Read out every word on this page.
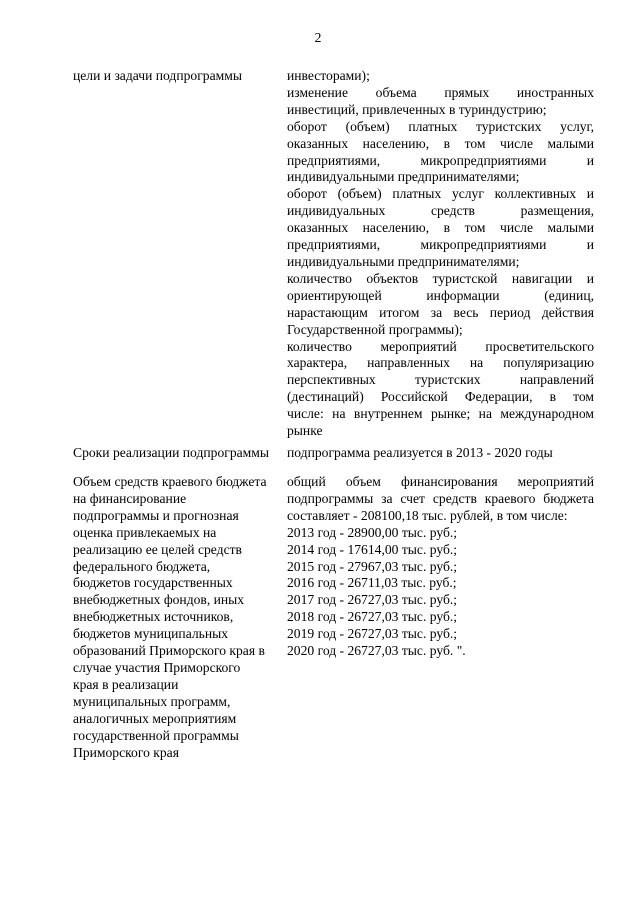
2
цели и задачи подпрограммы	инвесторами);
изменение объема прямых иностранных
инвестиций, привлеченных в туриндустрию;
оборот (объем) платных туристских услуг,
оказанных населению, в том числе малыми
предприятиями, микропредприятиями и
индивидуальными предпринимателями;
оборот (объем) платных услуг коллективных и
индивидуальных средств размещения,
оказанных населению, в том числе малыми
предприятиями, микропредприятиями и
индивидуальными предпринимателями;
количество объектов туристской навигации и
ориентирующей информации (единиц,
нарастающим итогом за весь период действия
Государственной программы);
количество мероприятий просветительского
характера, направленных на популяризацию
перспективных туристских направлений
(дестинаций) Российской Федерации, в том
числе: на внутреннем рынке; на международном
рынке
Сроки реализации подпрограммы	подпрограмма реализуется в 2013 - 2020 годы
Объем средств краевого бюджета
на финансирование
подпрограммы и прогнозная
оценка привлекаемых на
реализацию ее целей средств
федерального бюджета,
бюджетов государственных
внебюджетных фондов, иных
внебюджетных источников,
бюджетов муниципальных
образований Приморского края в
случае участия Приморского
края в реализации
муниципальных программ,
аналогичных мероприятиям
государственной программы
Приморского края
общий объем финансирования мероприятий
подпрограммы за счет средств краевого бюджета
составляет - 208100,18 тыс. рублей, в том числе:
2013 год - 28900,00 тыс. руб.;
2014 год - 17614,00 тыс. руб.;
2015 год - 27967,03 тыс. руб.;
2016 год - 26711,03 тыс. руб.;
2017 год - 26727,03 тыс. руб.;
2018 год - 26727,03 тыс. руб.;
2019 год - 26727,03 тыс. руб.;
2020 год - 26727,03 тыс. руб. ".
